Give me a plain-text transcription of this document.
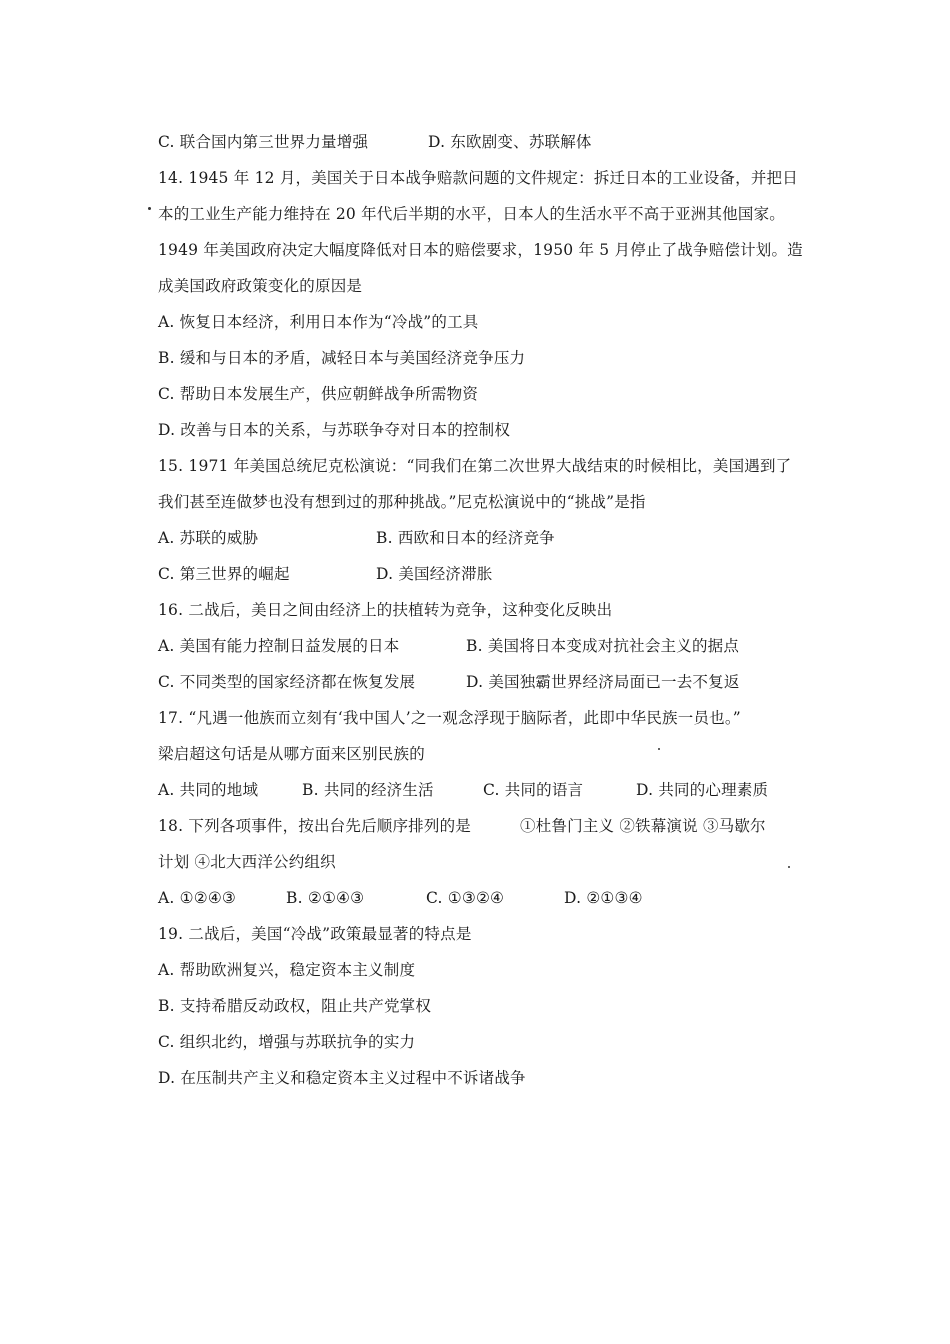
C. 联合国内第三世界力量增强	D. 东欧剧变、苏联解体
14. 1945 年 12 月，美国关于日本战争赔款问题的文件规定：拆迁日本的工业设备，并把日
本的工业生产能力维持在 20 年代后半期的水平，日本人的生活水平不高于亚洲其他国家。
1949 年美国政府决定大幅度降低对日本的赔偿要求，1950 年 5 月停止了战争赔偿计划。造
成美国政府政策变化的原因是
A. 恢复日本经济，利用日本作为“冷战”的工具
B. 缓和与日本的矛盾，减轻日本与美国经济竞争压力
C. 帮助日本发展生产，供应朝鲜战争所需物资
D. 改善与日本的关系，与苏联争夺对日本的控制权
15. 1971 年美国总统尼克松演说：“同我们在第二次世界大战结束的时候相比，美国遇到了
我们甚至连做梦也没有想到过的那种挑战。”尼克松演说中的“挑战”是指
A. 苏联的威胁	B. 西欧和日本的经济竞争
C. 第三世界的崛起	D. 美国经济滞胀
16. 二战后，美日之间由经济上的扶植转为竞争，这种变化反映出
A. 美国有能力控制日益发展的日本	B. 美国将日本变成对抗社会主义的据点
C. 不同类型的国家经济都在恢复发展	D. 美国独霸世界经济局面已一去不复返
17. “凡遇一他族而立刻有‘我中国人’之一观念浮现于脑际者，此即中华民族一员也。”
梁启超这句话是从哪方面来区别民族的
A. 共同的地域	B. 共同的经济生活	C. 共同的语言	D. 共同的心理素质
18. 下列各项事件，按出台先后顺序排列的是	①杜鲁门主义 ②铁幕演说 ③马歇尔
计划 ④北大西洋公约组织
A. ①②④③	B. ②①④③	C. ①③②④	D. ②①③④
19. 二战后，美国“冷战”政策最显著的特点是
A. 帮助欧洲复兴，稳定资本主义制度
B. 支持希腊反动政权，阻止共产党掌权
C. 组织北约，增强与苏联抗争的实力
D. 在压制共产主义和稳定资本主义过程中不诉诸战争
